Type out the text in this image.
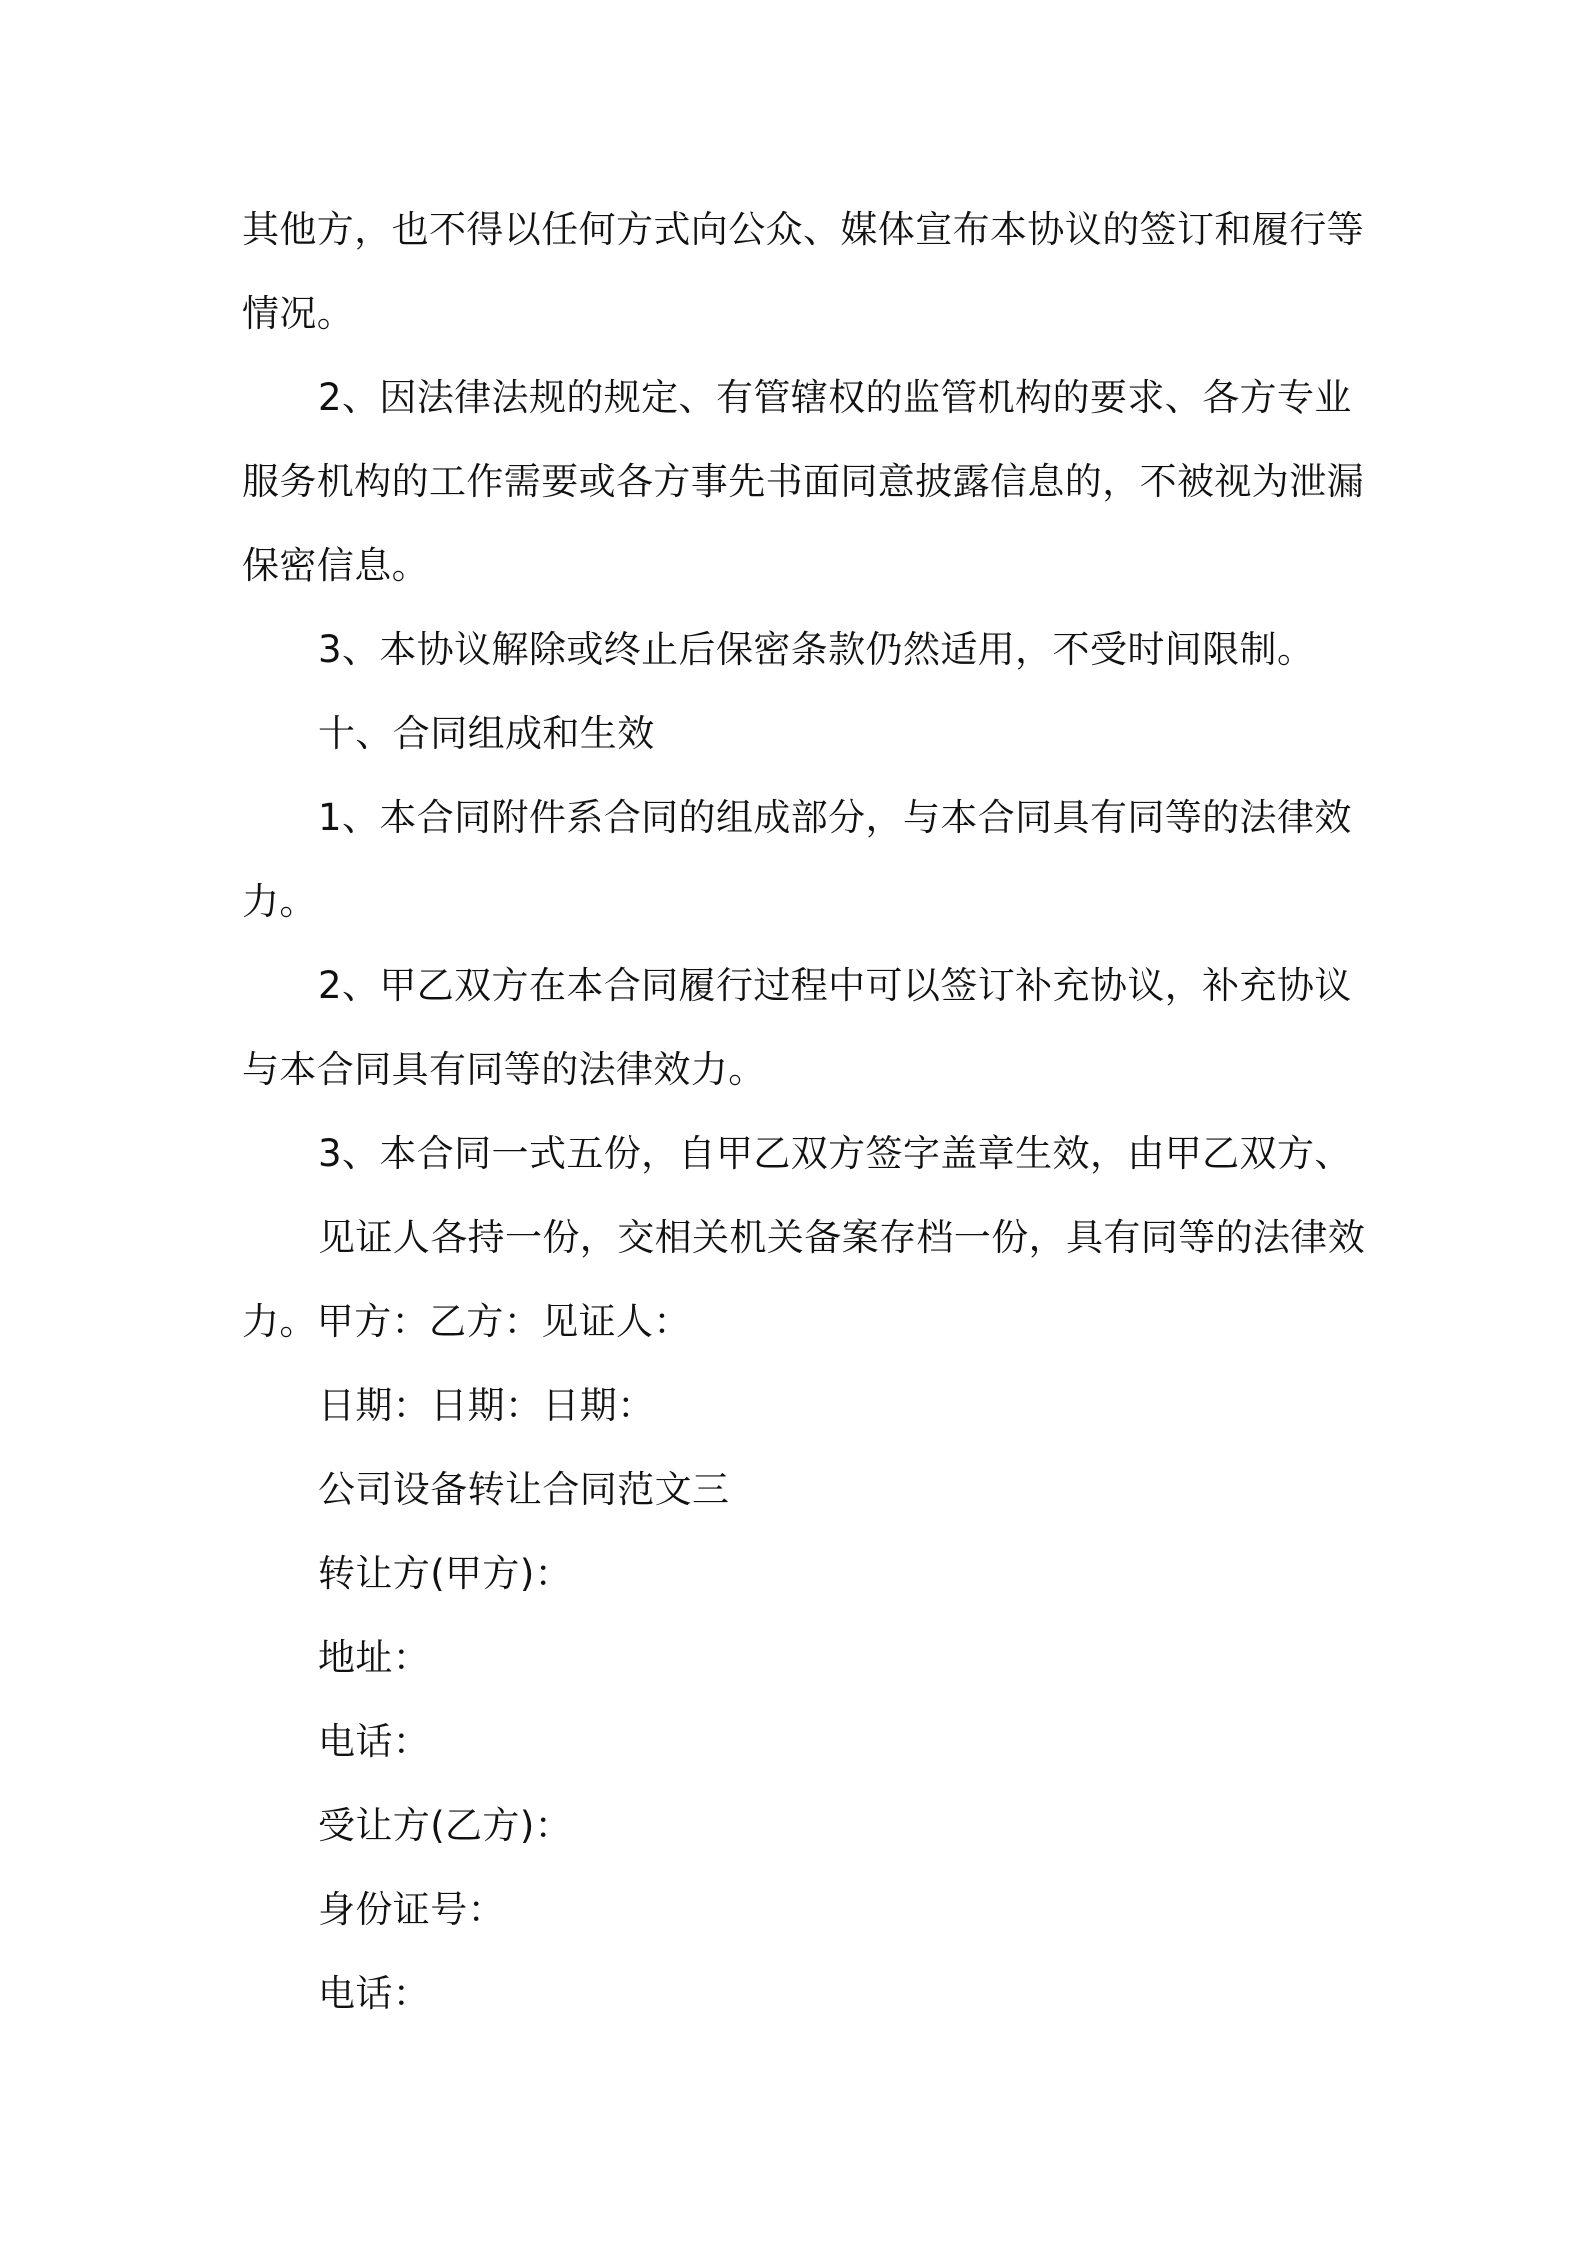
其他方，也不得以任何方式向公众、媒体宣布本协议的签订和履行等
情况。
2、因法律法规的规定、有管辖权的监管机构的要求、各方专业
服务机构的工作需要或各方事先书面同意披露信息的，不被视为泄漏
保密信息。
3、本协议解除或终止后保密条款仍然适用，不受时间限制。
十、合同组成和生效
1、本合同附件系合同的组成部分，与本合同具有同等的法律效
力。
2、甲乙双方在本合同履行过程中可以签订补充协议，补充协议
与本合同具有同等的法律效力。
3、本合同一式五份，自甲乙双方签字盖章生效，由甲乙双方、
见证人各持一份，交相关机关备案存档一份，具有同等的法律效
力。甲方：乙方：见证人：
日期：日期：日期：
公司设备转让合同范文三
转让方(甲方)：
地址：
电话：
受让方(乙方)：
身份证号：
电话：
